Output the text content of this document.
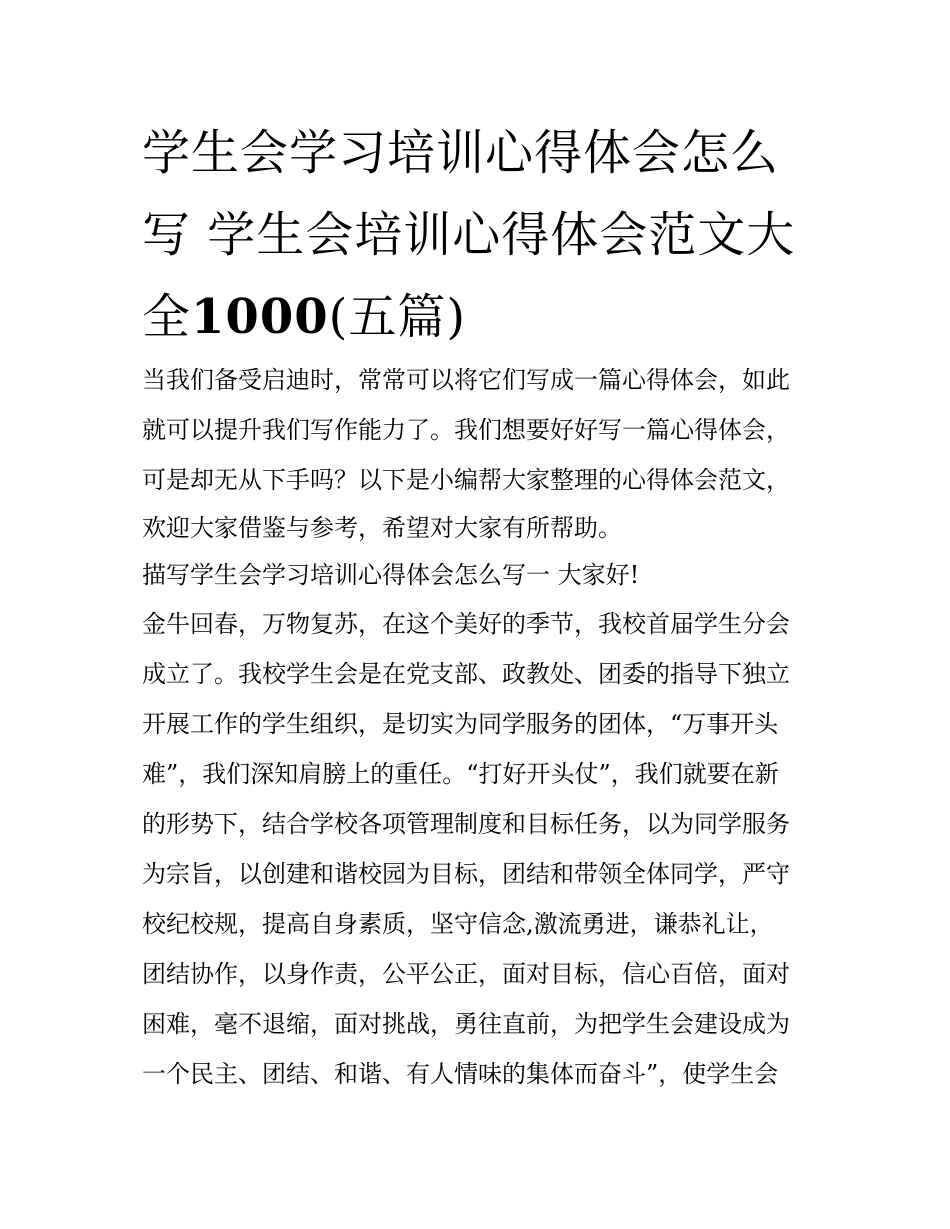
学生会学习培训心得体会怎么
写 学生会培训心得体会范文大
全1000(五篇)
当我们备受启迪时，常常可以将它们写成一篇心得体会，如此
就可以提升我们写作能力了。我们想要好好写一篇心得体会，
可是却无从下手吗？以下是小编帮大家整理的心得体会范文，
欢迎大家借鉴与参考，希望对大家有所帮助。
描写学生会学习培训心得体会怎么写一 大家好!
金牛回春，万物复苏，在这个美好的季节，我校首届学生分会
成立了。我校学生会是在党支部、政教处、团委的指导下独立
开展工作的学生组织，是切实为同学服务的团体，“万事开头
难”，我们深知肩膀上的重任。“打好开头仗”，我们就要在新
的形势下，结合学校各项管理制度和目标任务，以为同学服务
为宗旨，以创建和谐校园为目标，团结和带领全体同学，严守
校纪校规，提高自身素质，坚守信念,激流勇进，谦恭礼让，
团结协作，以身作责，公平公正，面对目标，信心百倍，面对
困难，毫不退缩，面对挑战，勇往直前，为把学生会建设成为
一个民主、团结、和谐、有人情味的集体而奋斗”，使学生会
